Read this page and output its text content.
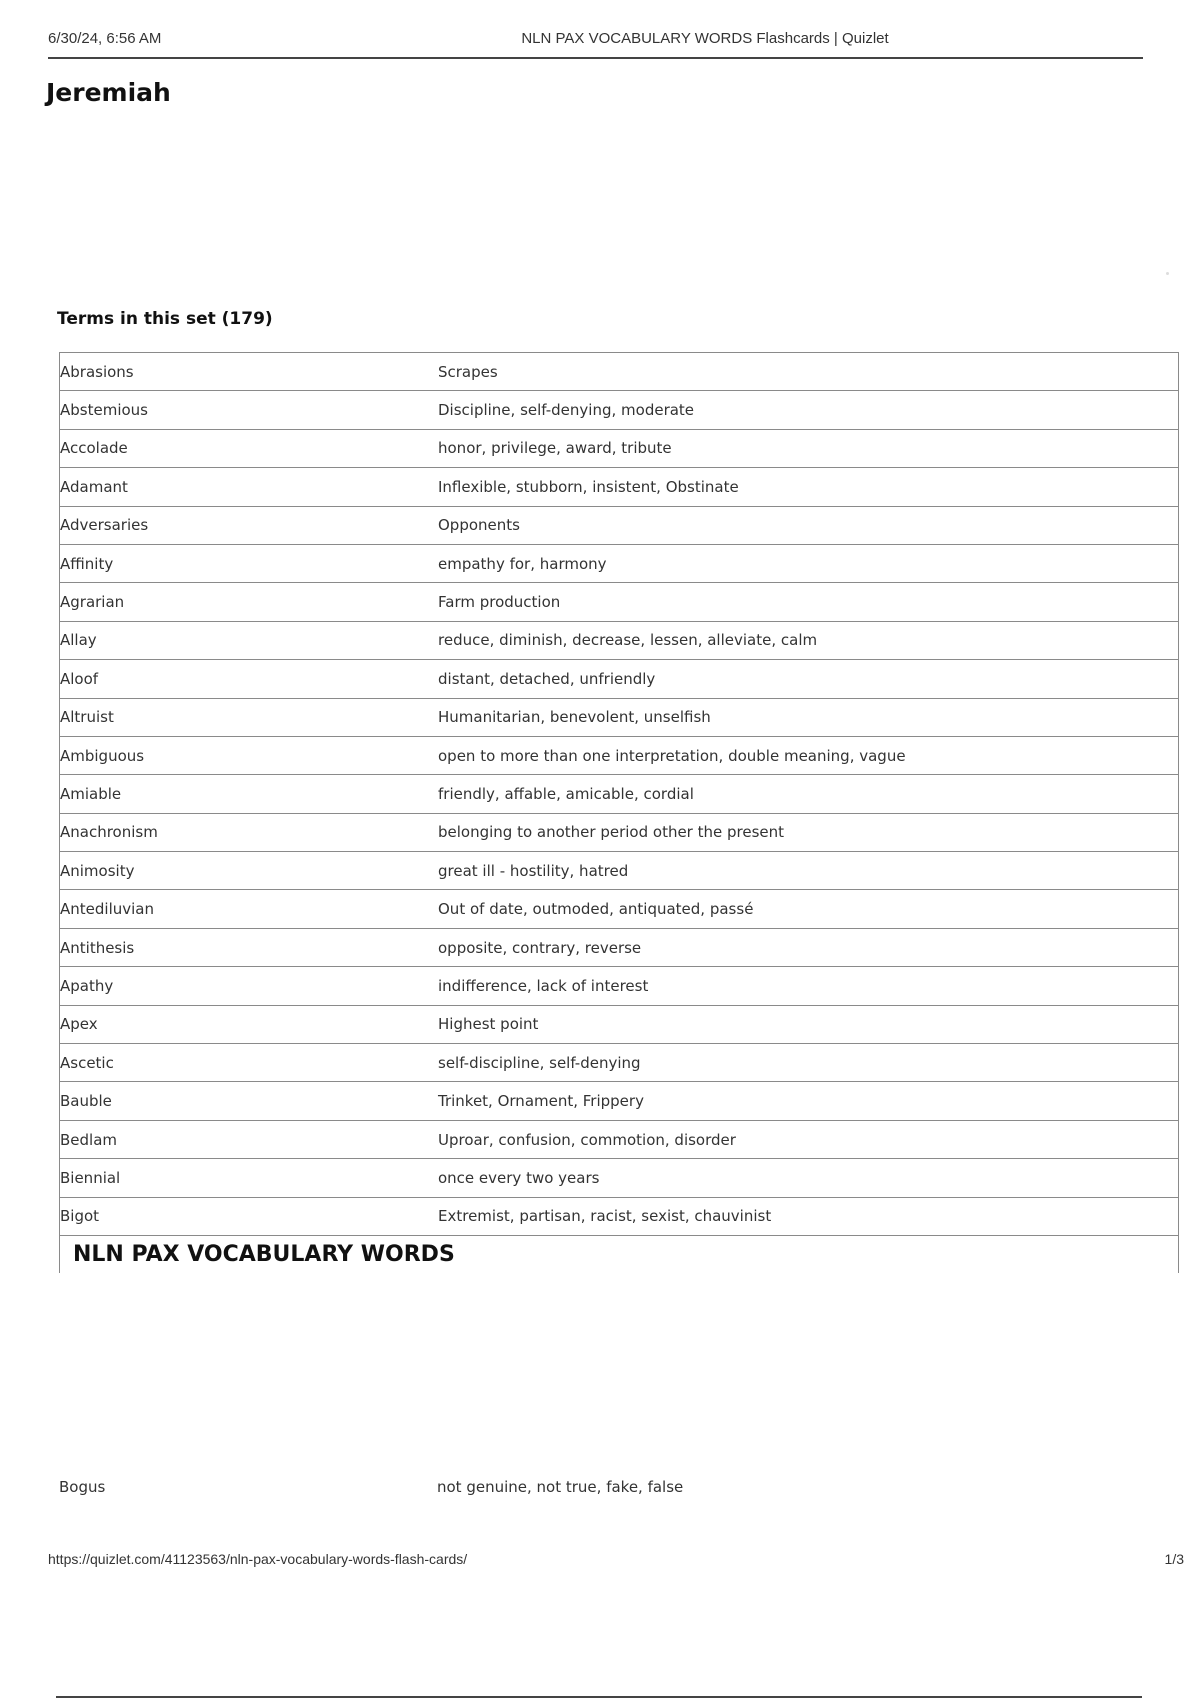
6/30/24, 6:56 AM	NLN PAX VOCABULARY WORDS Flashcards | Quizlet
Jeremiah
Terms in this set (179)
Abrasions	Scrapes
Abstemious	Discipline, self-denying, moderate
Accolade	honor, privilege, award, tribute
Adamant	Inflexible, stubborn, insistent, Obstinate
Adversaries	Opponents
Affinity	empathy for, harmony
Agrarian	Farm production
Allay	reduce, diminish, decrease, lessen, alleviate, calm
Aloof	distant, detached, unfriendly
Altruist	Humanitarian, benevolent, unselfish
Ambiguous	open to more than one interpretation, double meaning, vague
Amiable	friendly, affable, amicable, cordial
Anachronism	belonging to another period other the present
Animosity	great ill - hostility, hatred
Antediluvian	Out of date, outmoded, antiquated, passé
Antithesis	opposite, contrary, reverse
Apathy	indifference, lack of interest
Apex	Highest point
Ascetic	self-discipline, self-denying
Bauble	Trinket, Ornament, Frippery
Bedlam	Uproar, confusion, commotion, disorder
Biennial	once every two years
Bigot	Extremist, partisan, racist, sexist, chauvinist
NLN PAX VOCABULARY WORDS
Bogus	not genuine, not true, fake, false
https://quizlet.com/41123563/nln-pax-vocabulary-words-flash-cards/	1/3
